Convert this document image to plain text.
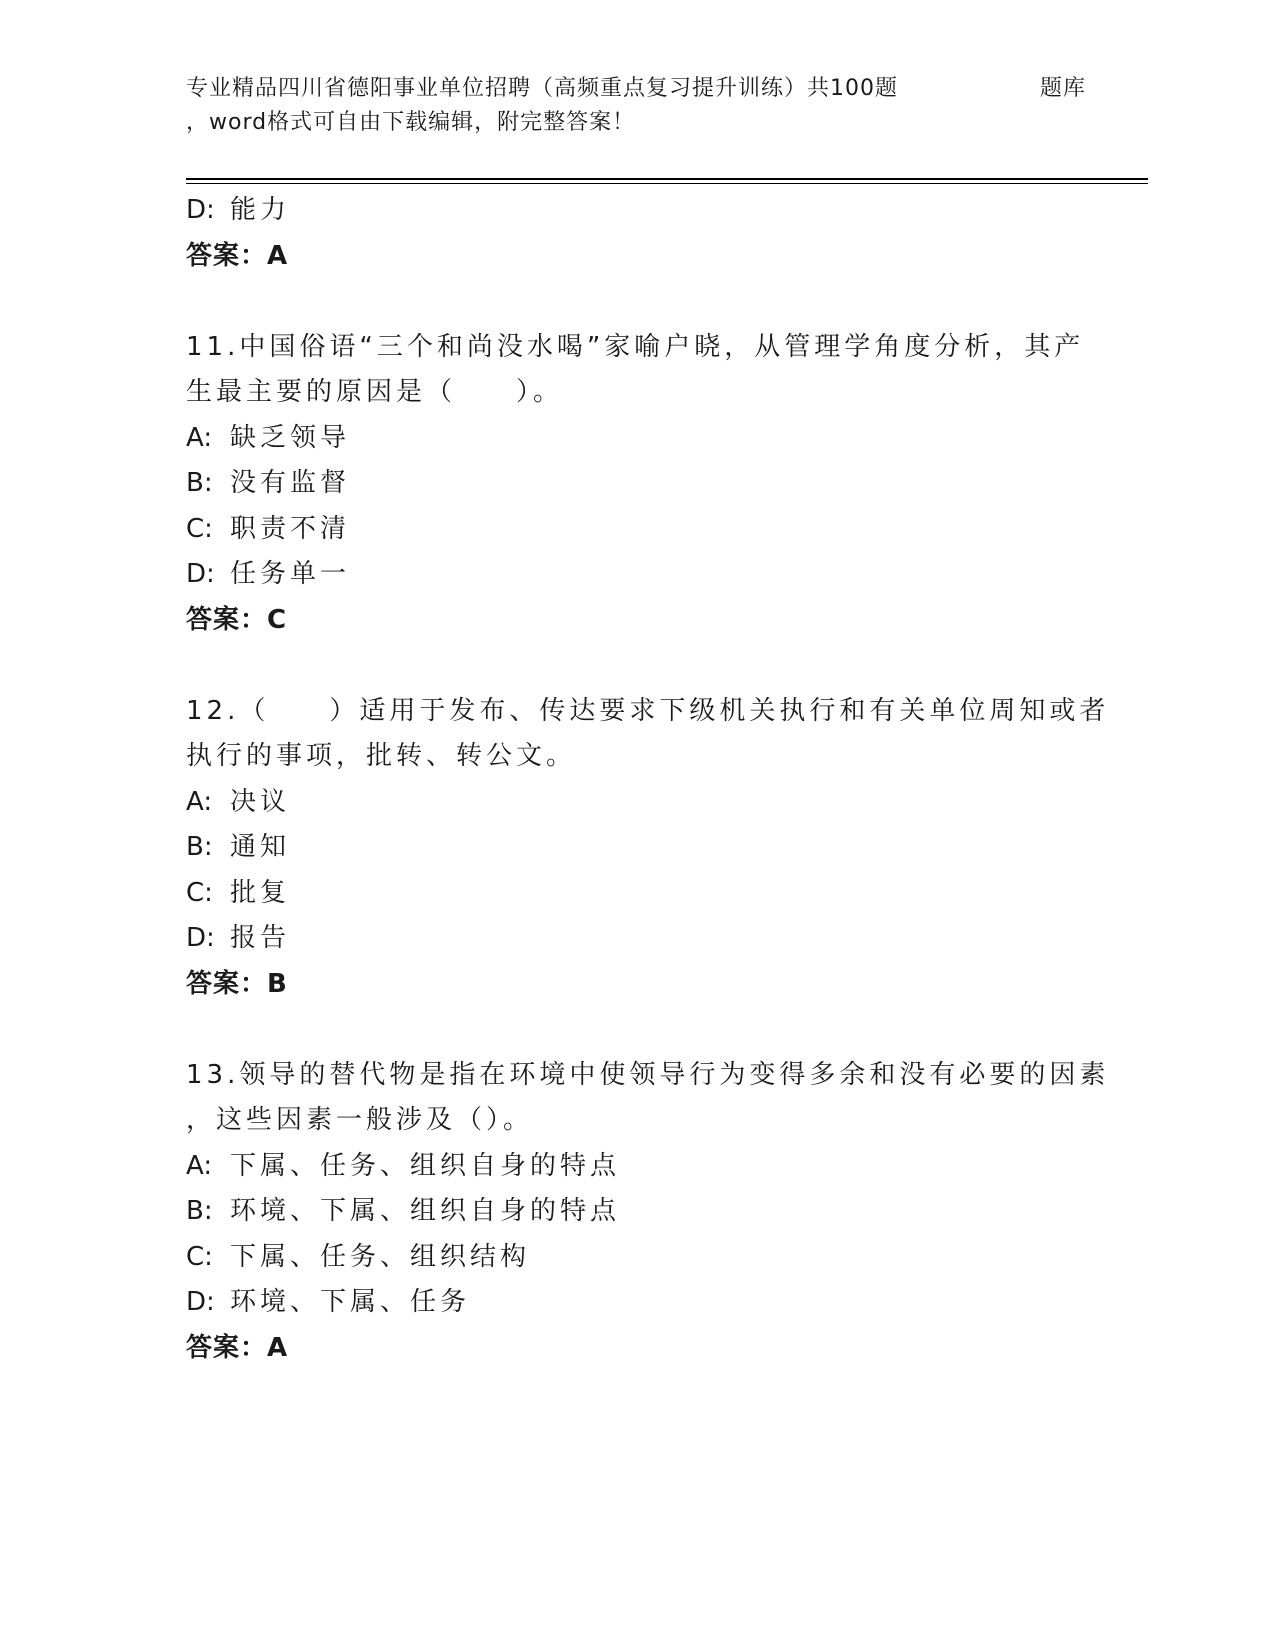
专业精品四川省德阳事业单位招聘（高频重点复习提升训练）共100题	题库
，word格式可自由下载编辑，附完整答案！
D: 能力
答案：A
11.中国俗语“三个和尚没水喝”家喻户晓，从管理学角度分析，其产
生最主要的原因是（　　）。
A: 缺乏领导
B: 没有监督
C: 职责不清
D: 任务单一
答案：C
12.（　　）适用于发布、传达要求下级机关执行和有关单位周知或者
执行的事项，批转、转公文。
A: 决议
B: 通知
C: 批复
D: 报告
答案：B
13.领导的替代物是指在环境中使领导行为变得多余和没有必要的因素
，这些因素一般涉及（）。
A: 下属、任务、组织自身的特点
B: 环境、下属、组织自身的特点
C: 下属、任务、组织结构
D: 环境、下属、任务
答案：A
